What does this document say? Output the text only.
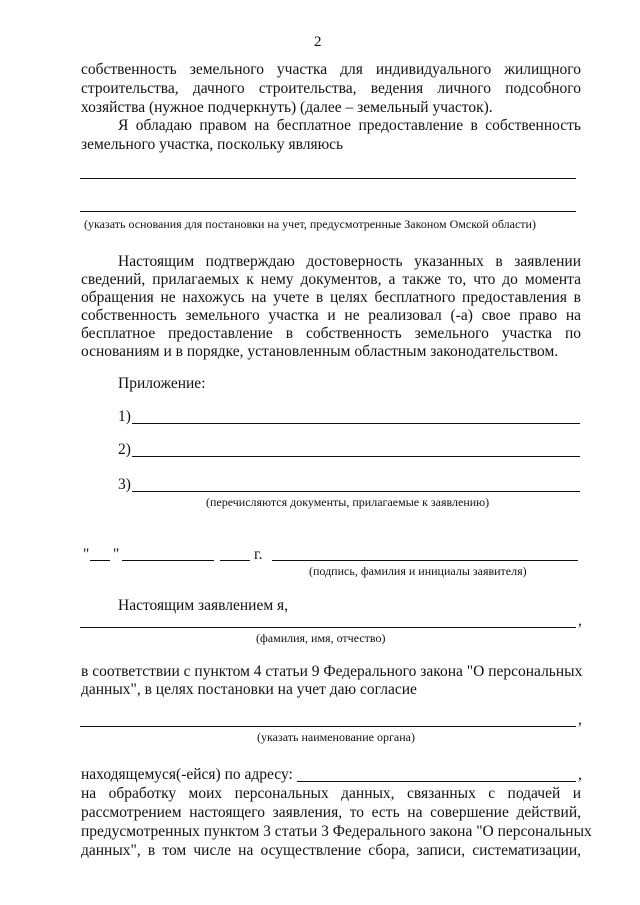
2
собственность земельного участка для индивидуального жилищного
строительства, дачного строительства, ведения личного подсобного
хозяйства (нужное подчеркнуть) (далее – земельный участок).
Я обладаю правом на бесплатное предоставление в собственность
земельного участка, поскольку являюсь
(указать основания для постановки на учет, предусмотренные Законом Омской области)
Настоящим подтверждаю достоверность указанных в заявлении
сведений, прилагаемых к нему документов, а также то, что до момента
обращения не нахожусь на учете в целях бесплатного предоставления в
собственность земельного участка и не реализовал (-а) свое право на
бесплатное предоставление в собственность земельного участка по
основаниям и в порядке, установленным областным законодательством.
Приложение:
1)
2)
3)
(перечисляются документы, прилагаемые к заявлению)
" "	г.
(подпись, фамилия и инициалы заявителя)
Настоящим заявлением я,
,
(фамилия, имя, отчество)
в соответствии с пунктом 4 статьи 9 Федерального закона "О персональных
данных", в целях постановки на учет даю согласие
,
(указать наименование органа)
находящемуся(-ейся) по адресу:	,
на обработку моих персональных данных, связанных с подачей и
рассмотрением настоящего заявления, то есть на совершение действий,
предусмотренных пунктом 3 статьи 3 Федерального закона "О персональных
данных", в том числе на осуществление сбора, записи, систематизации,
